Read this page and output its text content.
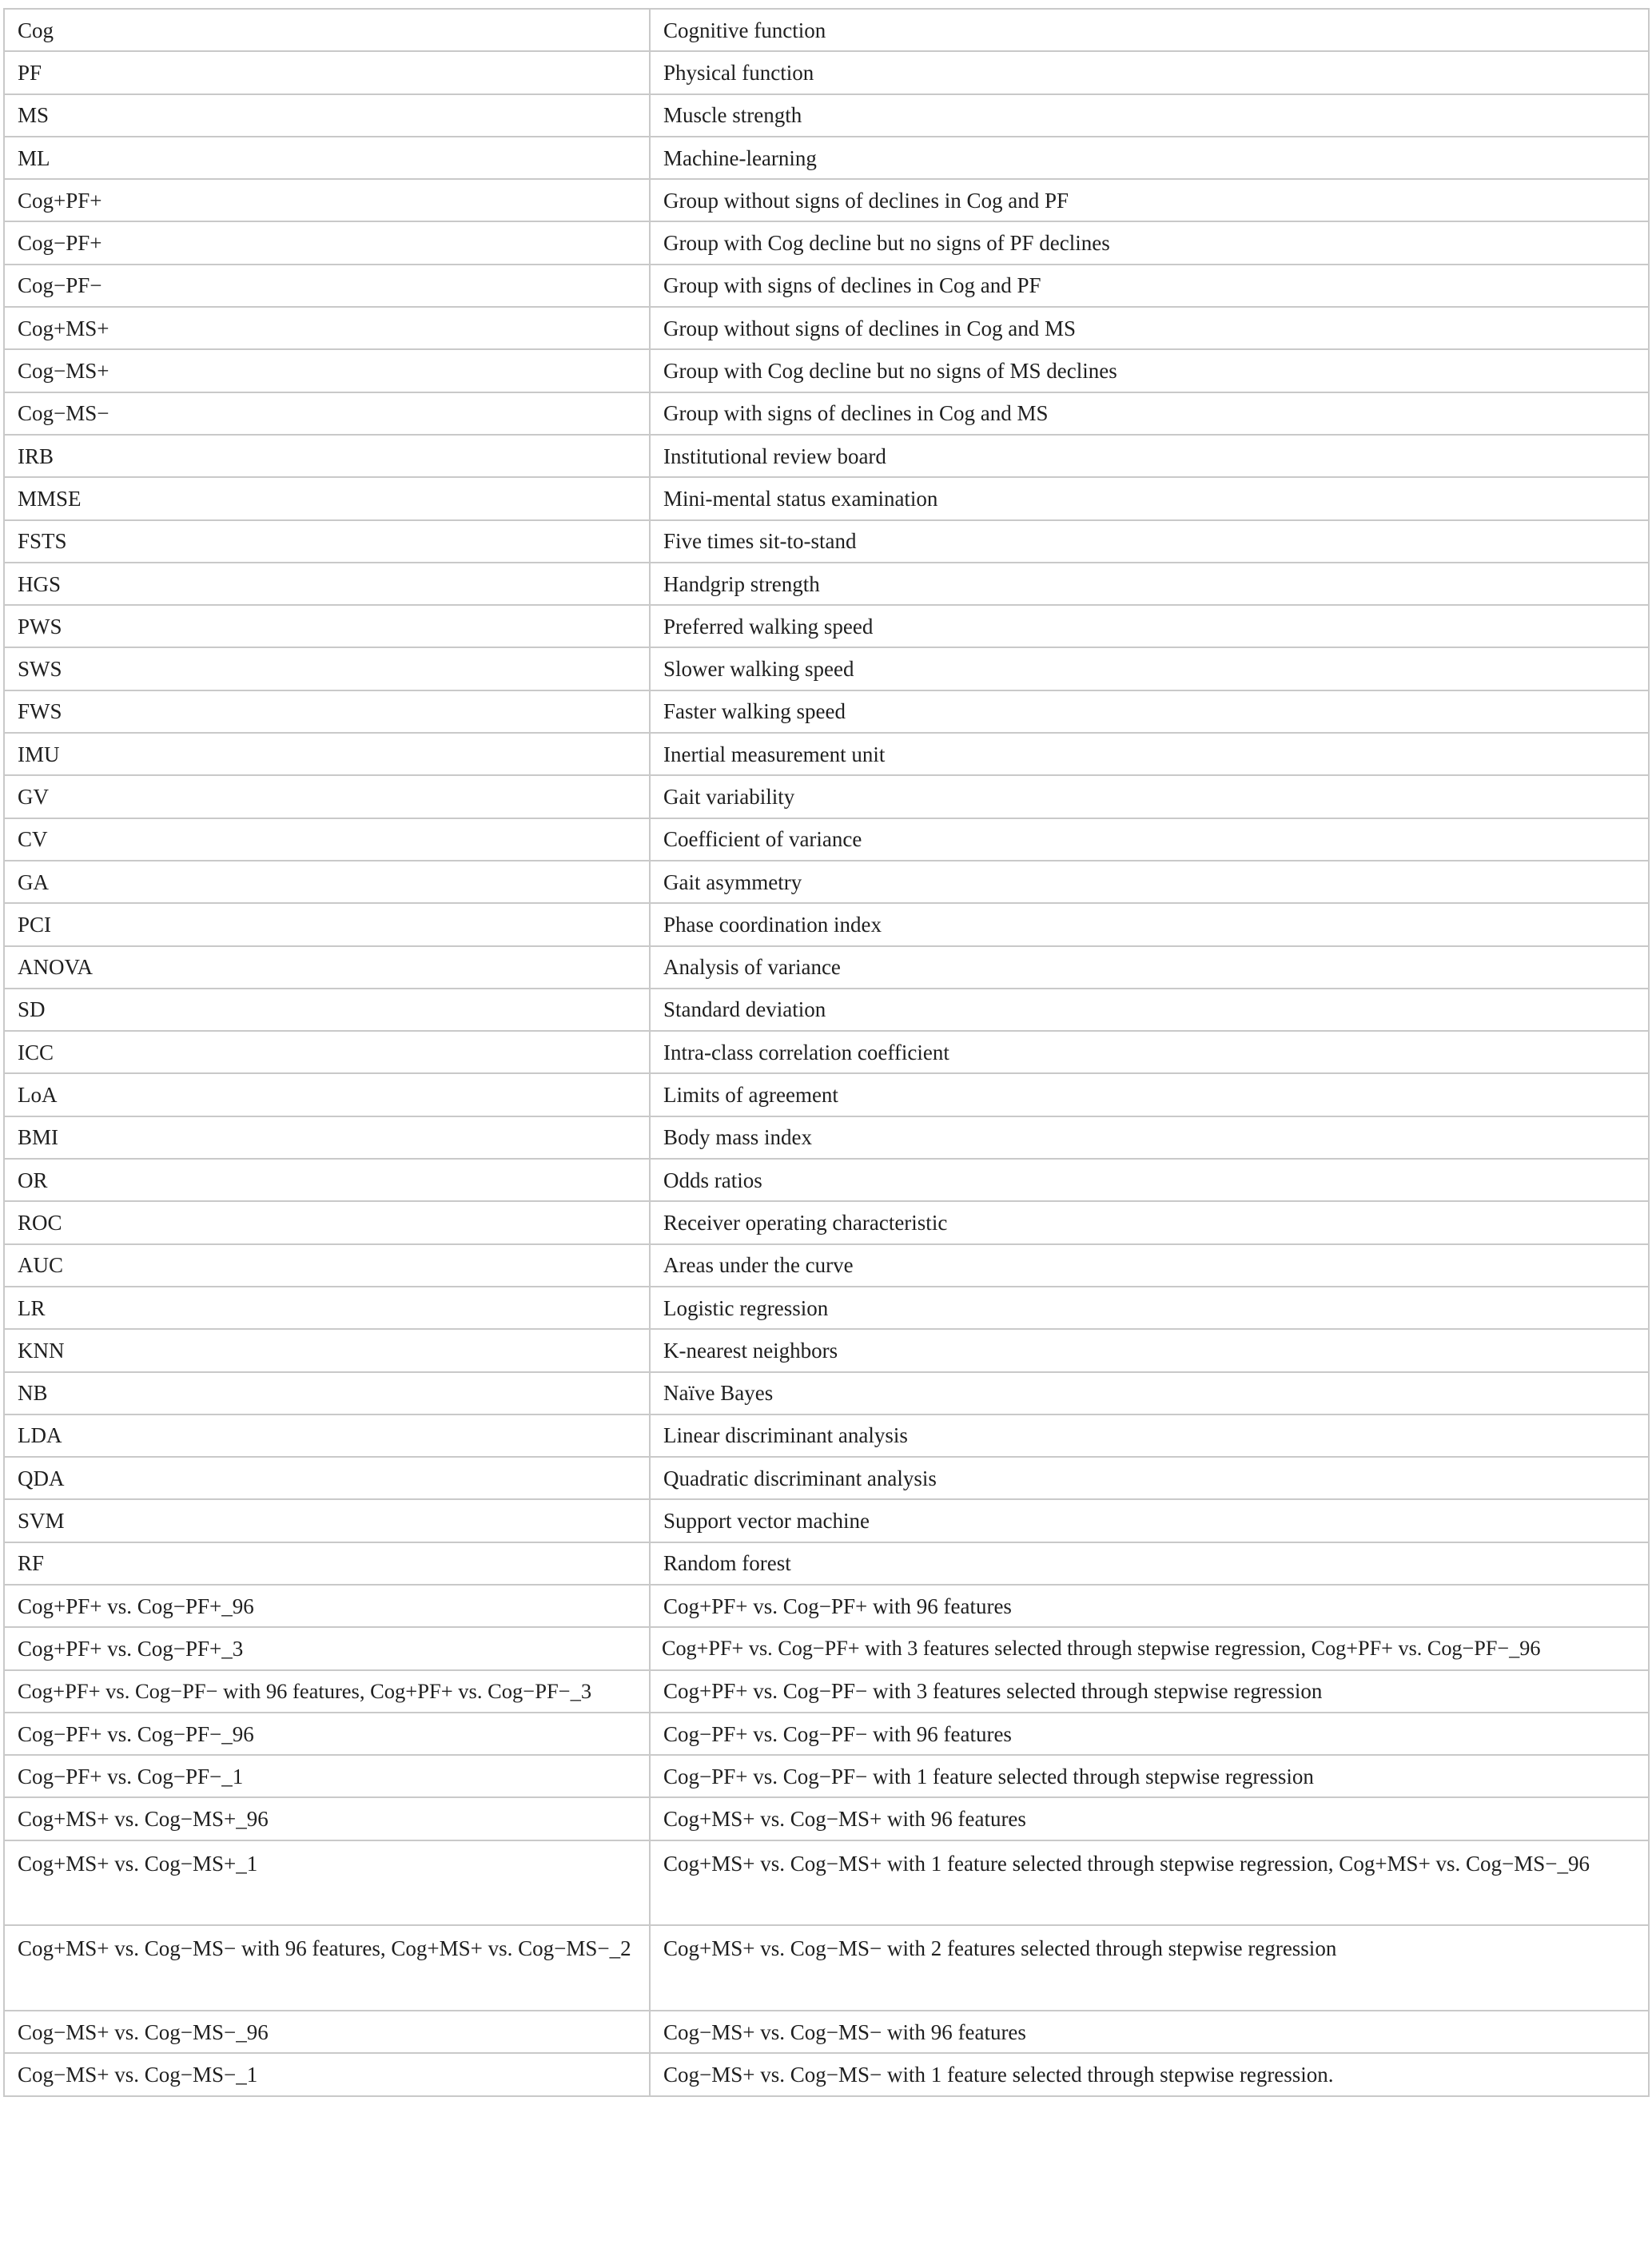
Cog	Cognitive function
PF	Physical function
MS	Muscle strength
ML	Machine-learning
Cog+PF+	Group without signs of declines in Cog and PF
Cog−PF+	Group with Cog decline but no signs of PF declines
Cog−PF−	Group with signs of declines in Cog and PF
Cog+MS+	Group without signs of declines in Cog and MS
Cog−MS+	Group with Cog decline but no signs of MS declines
Cog−MS−	Group with signs of declines in Cog and MS
IRB	Institutional review board
MMSE	Mini-mental status examination
FSTS	Five times sit-to-stand
HGS	Handgrip strength
PWS	Preferred walking speed
SWS	Slower walking speed
FWS	Faster walking speed
IMU	Inertial measurement unit
GV	Gait variability
CV	Coefficient of variance
GA	Gait asymmetry
PCI	Phase coordination index
ANOVA	Analysis of variance
SD	Standard deviation
ICC	Intra-class correlation coefficient
LoA	Limits of agreement
BMI	Body mass index
OR	Odds ratios
ROC	Receiver operating characteristic
AUC	Areas under the curve
LR	Logistic regression
KNN	K-nearest neighbors
NB	Naïve Bayes
LDA	Linear discriminant analysis
QDA	Quadratic discriminant analysis
SVM	Support vector machine
RF	Random forest
Cog+PF+ vs. Cog−PF+_96	Cog+PF+ vs. Cog−PF+ with 96 features
Cog+PF+ vs. Cog−PF+_3	Cog+PF+ vs. Cog−PF+ with 3 features selected through stepwise regression, Cog+PF+ vs. Cog−PF−_96
Cog+PF+ vs. Cog−PF− with 96 features, Cog+PF+ vs. Cog−PF−_3	Cog+PF+ vs. Cog−PF− with 3 features selected through stepwise regression
Cog−PF+ vs. Cog−PF−_96	Cog−PF+ vs. Cog−PF− with 96 features
Cog−PF+ vs. Cog−PF−_1	Cog−PF+ vs. Cog−PF− with 1 feature selected through stepwise regression
Cog+MS+ vs. Cog−MS+_96	Cog+MS+ vs. Cog−MS+ with 96 features
Cog+MS+ vs. Cog−MS+_1	Cog+MS+ vs. Cog−MS+ with 1 feature selected through stepwise regression, Cog+MS+ vs. Cog−MS−_96
Cog+MS+ vs. Cog−MS− with 96 features, Cog+MS+ vs. Cog−MS−_2	Cog+MS+ vs. Cog−MS− with 2 features selected through stepwise regression
Cog−MS+ vs. Cog−MS−_96	Cog−MS+ vs. Cog−MS− with 96 features
Cog−MS+ vs. Cog−MS−_1	Cog−MS+ vs. Cog−MS− with 1 feature selected through stepwise regression.
